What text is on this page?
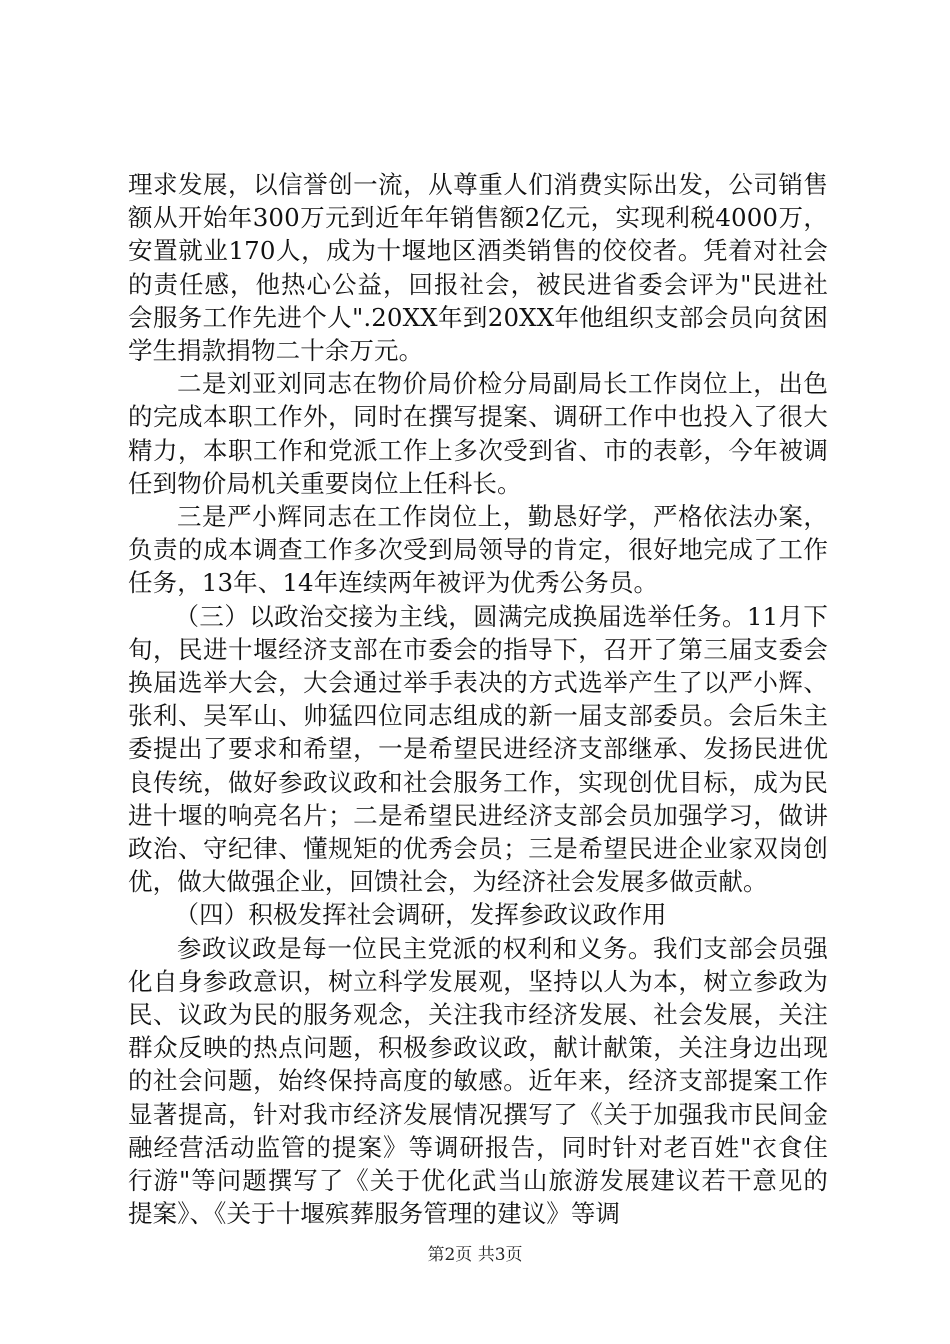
理求发展，以信誉创一流，从尊重人们消费实际出发，公司销售额从开始年300万元到近年年销售额2亿元，实现利税4000万，安置就业170人，成为十堰地区酒类销售的佼佼者。凭着对社会的责任感，他热心公益，回报社会，被民进省委会评为"民进社会服务工作先进个人".20XX年到20XX年他组织支部会员向贫困学生捐款捐物二十余万元。

二是刘亚刘同志在物价局价检分局副局长工作岗位上，出色的完成本职工作外，同时在撰写提案、调研工作中也投入了很大精力，本职工作和党派工作上多次受到省、市的表彰，今年被调任到物价局机关重要岗位上任科长。

三是严小辉同志在工作岗位上，勤恳好学，严格依法办案，负责的成本调查工作多次受到局领导的肯定，很好地完成了工作任务，13年、14年连续两年被评为优秀公务员。

（三）以政治交接为主线，圆满完成换届选举任务。11月下旬，民进十堰经济支部在市委会的指导下，召开了第三届支委会换届选举大会，大会通过举手表决的方式选举产生了以严小辉、张利、吴军山、帅猛四位同志组成的新一届支部委员。会后朱主委提出了要求和希望，一是希望民进经济支部继承、发扬民进优良传统，做好参政议政和社会服务工作，实现创优目标，成为民进十堰的响亮名片；二是希望民进经济支部会员加强学习，做讲政治、守纪律、懂规矩的优秀会员；三是希望民进企业家双岗创优，做大做强企业，回馈社会，为经济社会发展多做贡献。

（四）积极发挥社会调研，发挥参政议政作用

参政议政是每一位民主党派的权利和义务。我们支部会员强化自身参政意识，树立科学发展观，坚持以人为本，树立参政为民、议政为民的服务观念，关注我市经济发展、社会发展，关注群众反映的热点问题，积极参政议政，献计献策，关注身边出现的社会问题，始终保持高度的敏感。近年来，经济支部提案工作显著提高，针对我市经济发展情况撰写了《关于加强我市民间金融经营活动监管的提案》等调研报告，同时针对老百姓"衣食住行游"等问题撰写了《关于优化武当山旅游发展建议若干意见的提案》、《关于十堰殡葬服务管理的建议》等调

第2页 共3页
